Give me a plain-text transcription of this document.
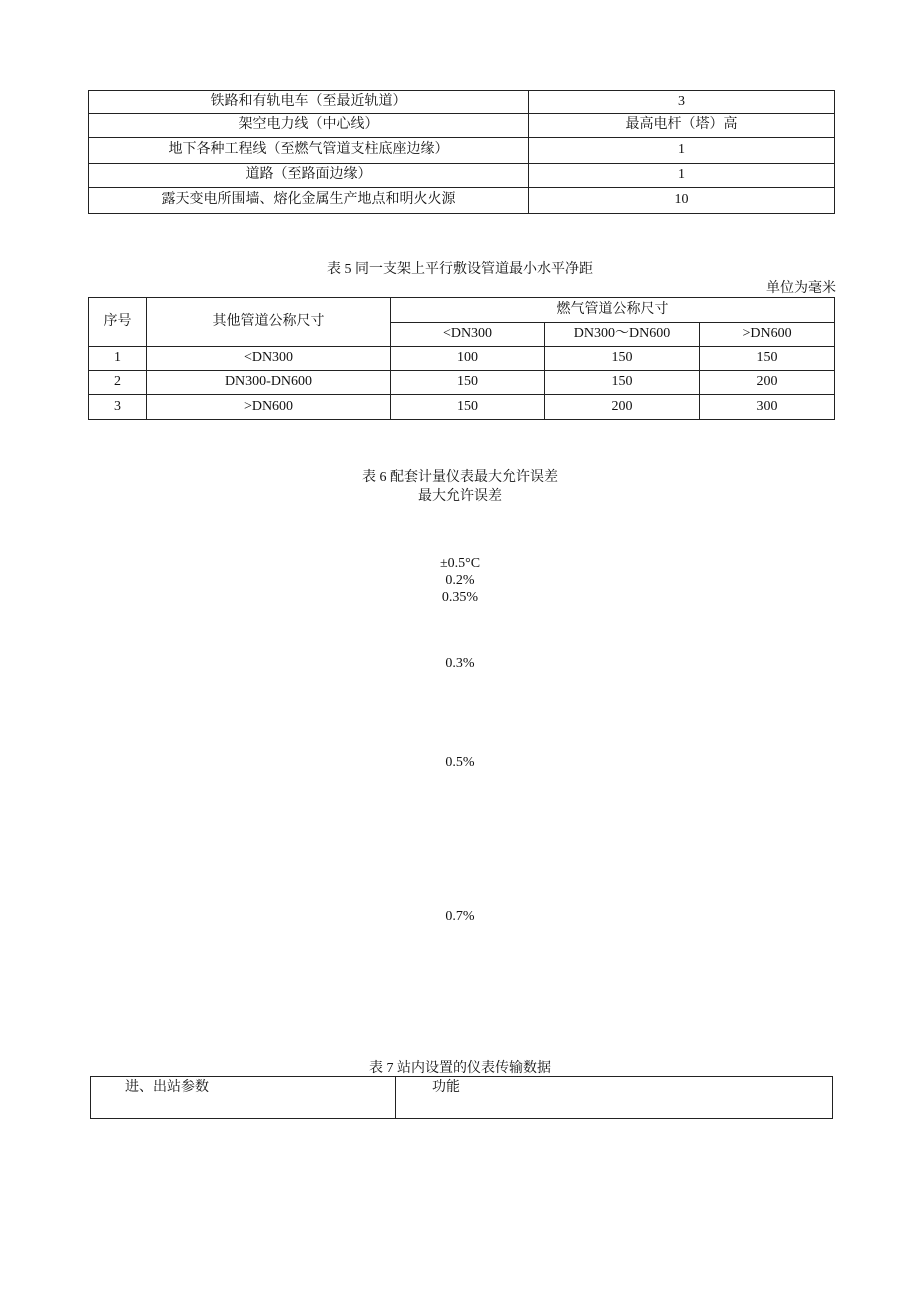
铁路和有轨电车（至最近轨道）	3
架空电力线（中心线）	最高电杆（塔）高
地下各种工程线（至燃气管道支柱底座边缘）	1
道路（至路面边缘）	1
露天变电所围墙、熔化金属生产地点和明火火源	10
表 5 同一支架上平行敷设管道最小水平净距
单位为毫米
序号	其他管道公称尺寸	燃气管道公称尺寸		
		<DN300	DN300～DN600	>DN600
1	<DN300	100	150	150
2	DN300-DN600	150	150	200
3	>DN600	150	200	300
表 6 配套计量仪表最大允许误差
最大允许误差
±0.5°C
0.2%
0.35%
0.3%
0.5%
0.7%
表 7 站内设置的仪表传输数据
进、出站参数	功能
